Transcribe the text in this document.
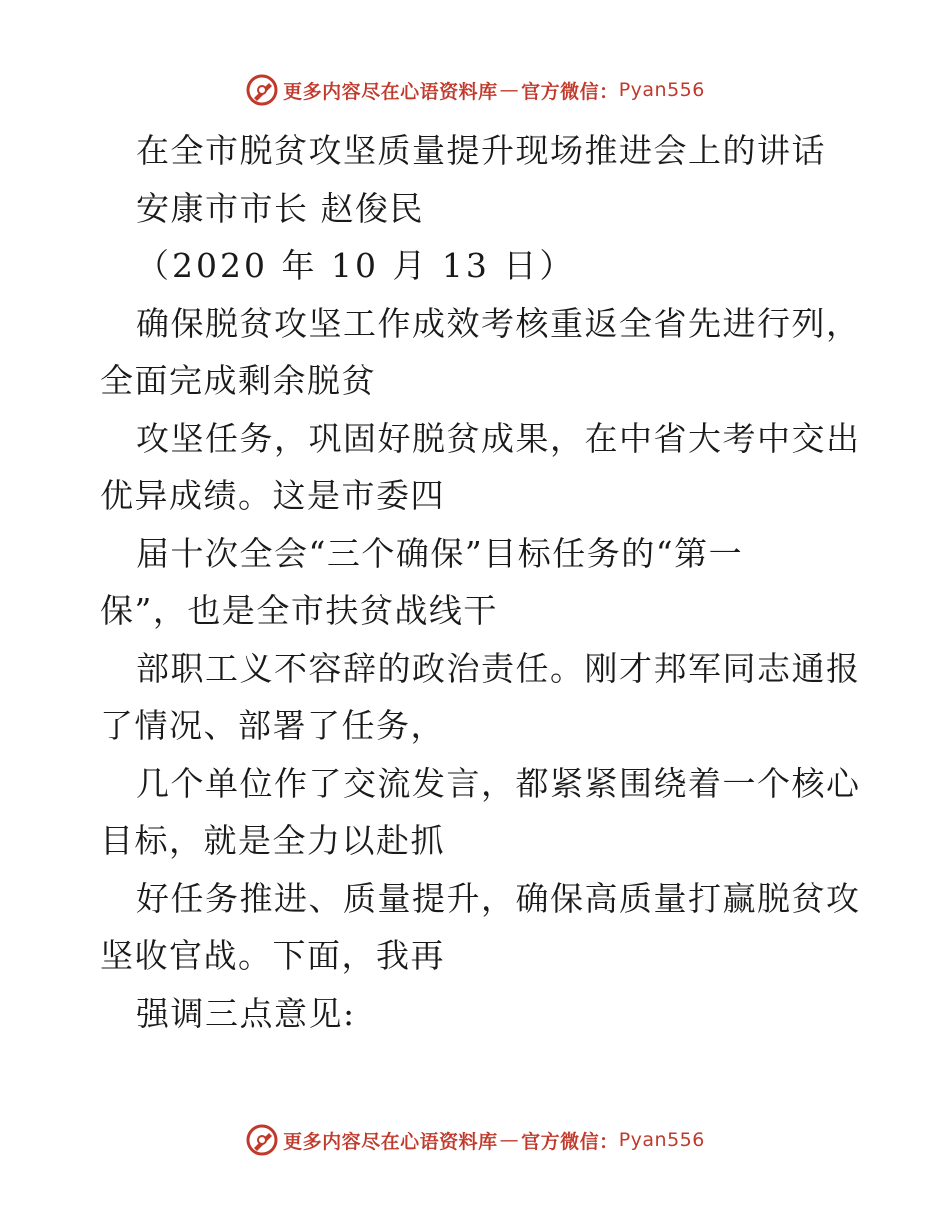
更多内容尽在心语资料库 — 官方微信： Pyan556
在全市脱贫攻坚质量提升现场推进会上的讲话
安康市市长 赵俊民
（2020 年 10 月 13 日）
确保脱贫攻坚工作成效考核重返全省先进行列，
全面完成剩余脱贫
攻坚任务，巩固好脱贫成果，在中省大考中交出
优异成绩。这是市委四
届十次全会“三个确保”目标任务的“第一
保”，也是全市扶贫战线干
部职工义不容辞的政治责任。刚才邦军同志通报
了情况、部署了任务，
几个单位作了交流发言，都紧紧围绕着一个核心
目标，就是全力以赴抓
好任务推进、质量提升，确保高质量打赢脱贫攻
坚收官战。下面，我再
强调三点意见:
更多内容尽在心语资料库 — 官方微信： Pyan556
